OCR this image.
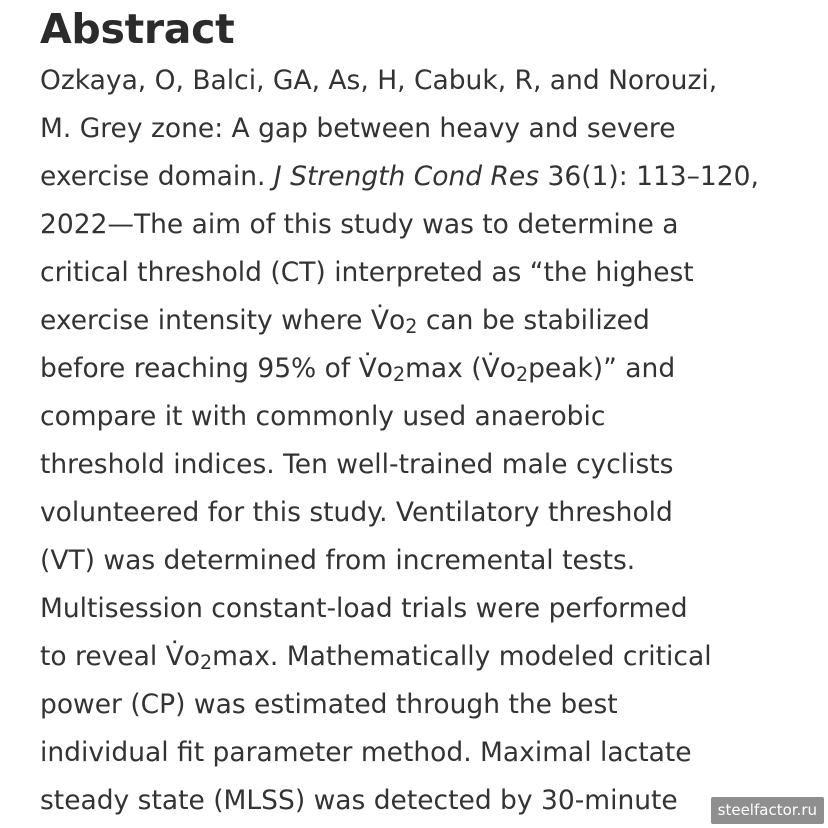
Abstract
Ozkaya, O, Balci, GA, As, H, Cabuk, R, and Norouzi,
M. Grey zone: A gap between heavy and severe
exercise domain. J Strength Cond Res 36(1): 113–120,
2022—The aim of this study was to determine a
critical threshold (CT) interpreted as “the highest
exercise intensity where $V̇o_2$ can be stabilized
before reaching 95% of $V̇o_2\max$ $(V̇o_2peak)$” and
compare it with commonly used anaerobic
threshold indices. Ten well-trained male cyclists
volunteered for this study. Ventilatory threshold
(VT) was determined from incremental tests.
Multisession constant-load trials were performed
to reveal $V̇o_2\max$. Mathematically modeled critical
power (CP) was estimated through the best
individual fit parameter method. Maximal lactate
steady state (MLSS) was detected by 30-minute	steelfactor.ru
